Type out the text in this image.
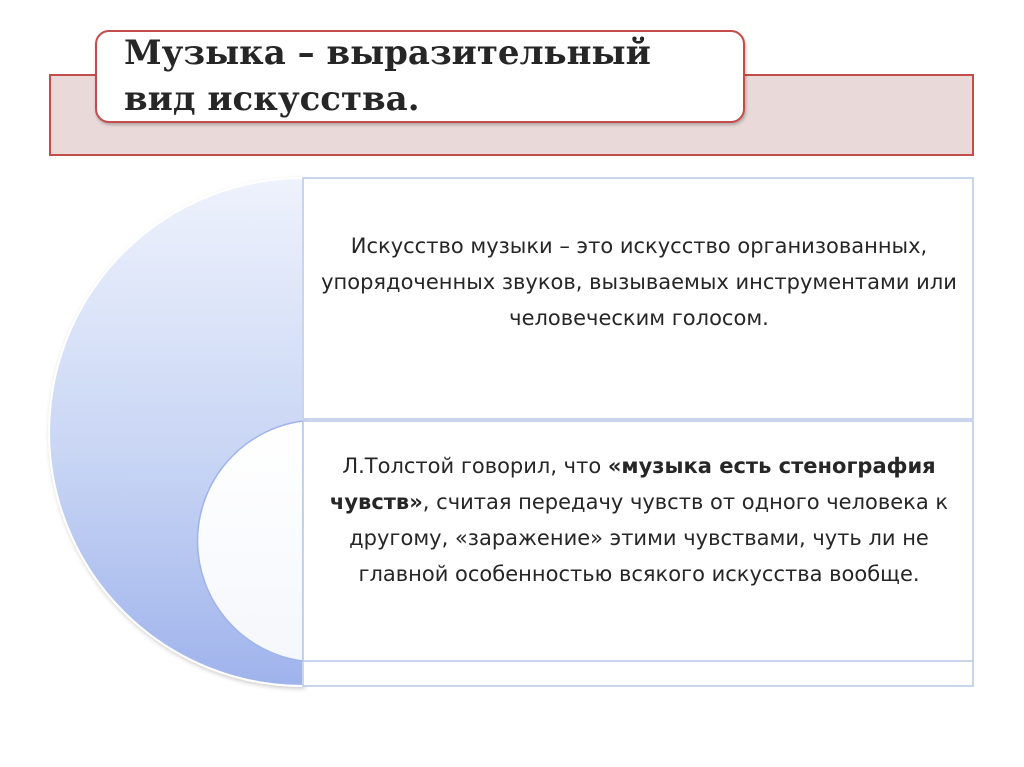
Музыка – выразительный вид искусства.

Искусство музыки – это искусство организованных, упорядоченных звуков, вызываемых инструментами или человеческим голосом.

Л.Толстой говорил, что «музыка есть стенография чувств», считая передачу чувств от одного человека к другому, «заражение» этими чувствами, чуть ли не главной особенностью всякого искусства вообще.
